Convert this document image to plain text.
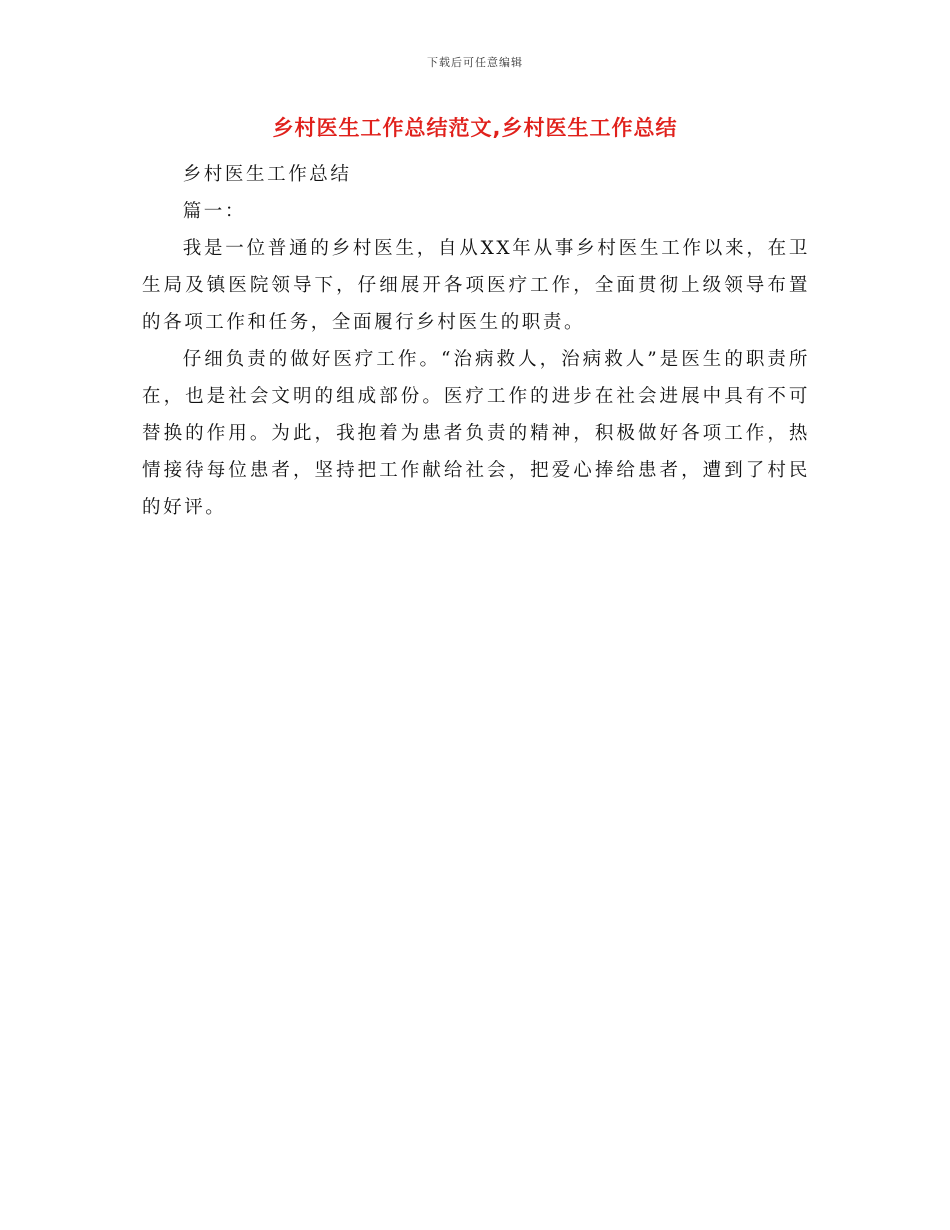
下载后可任意编辑
乡村医生工作总结范文,乡村医生工作总结

乡村医生工作总结

篇一：

我是一位普通的乡村医生，自从XX年从事乡村医生工作以来，在卫生局及镇医院领导下，仔细展开各项医疗工作，全面贯彻上级领导布置的各项工作和任务，全面履行乡村医生的职责。

仔细负责的做好医疗工作。“治病救人，治病救人”是医生的职责所在，也是社会文明的组成部份。医疗工作的进步在社会进展中具有不可替换的作用。为此，我抱着为患者负责的精神，积极做好各项工作，热情接待每位患者，坚持把工作献给社会，把爱心捧给患者，遭到了村民的好评。
